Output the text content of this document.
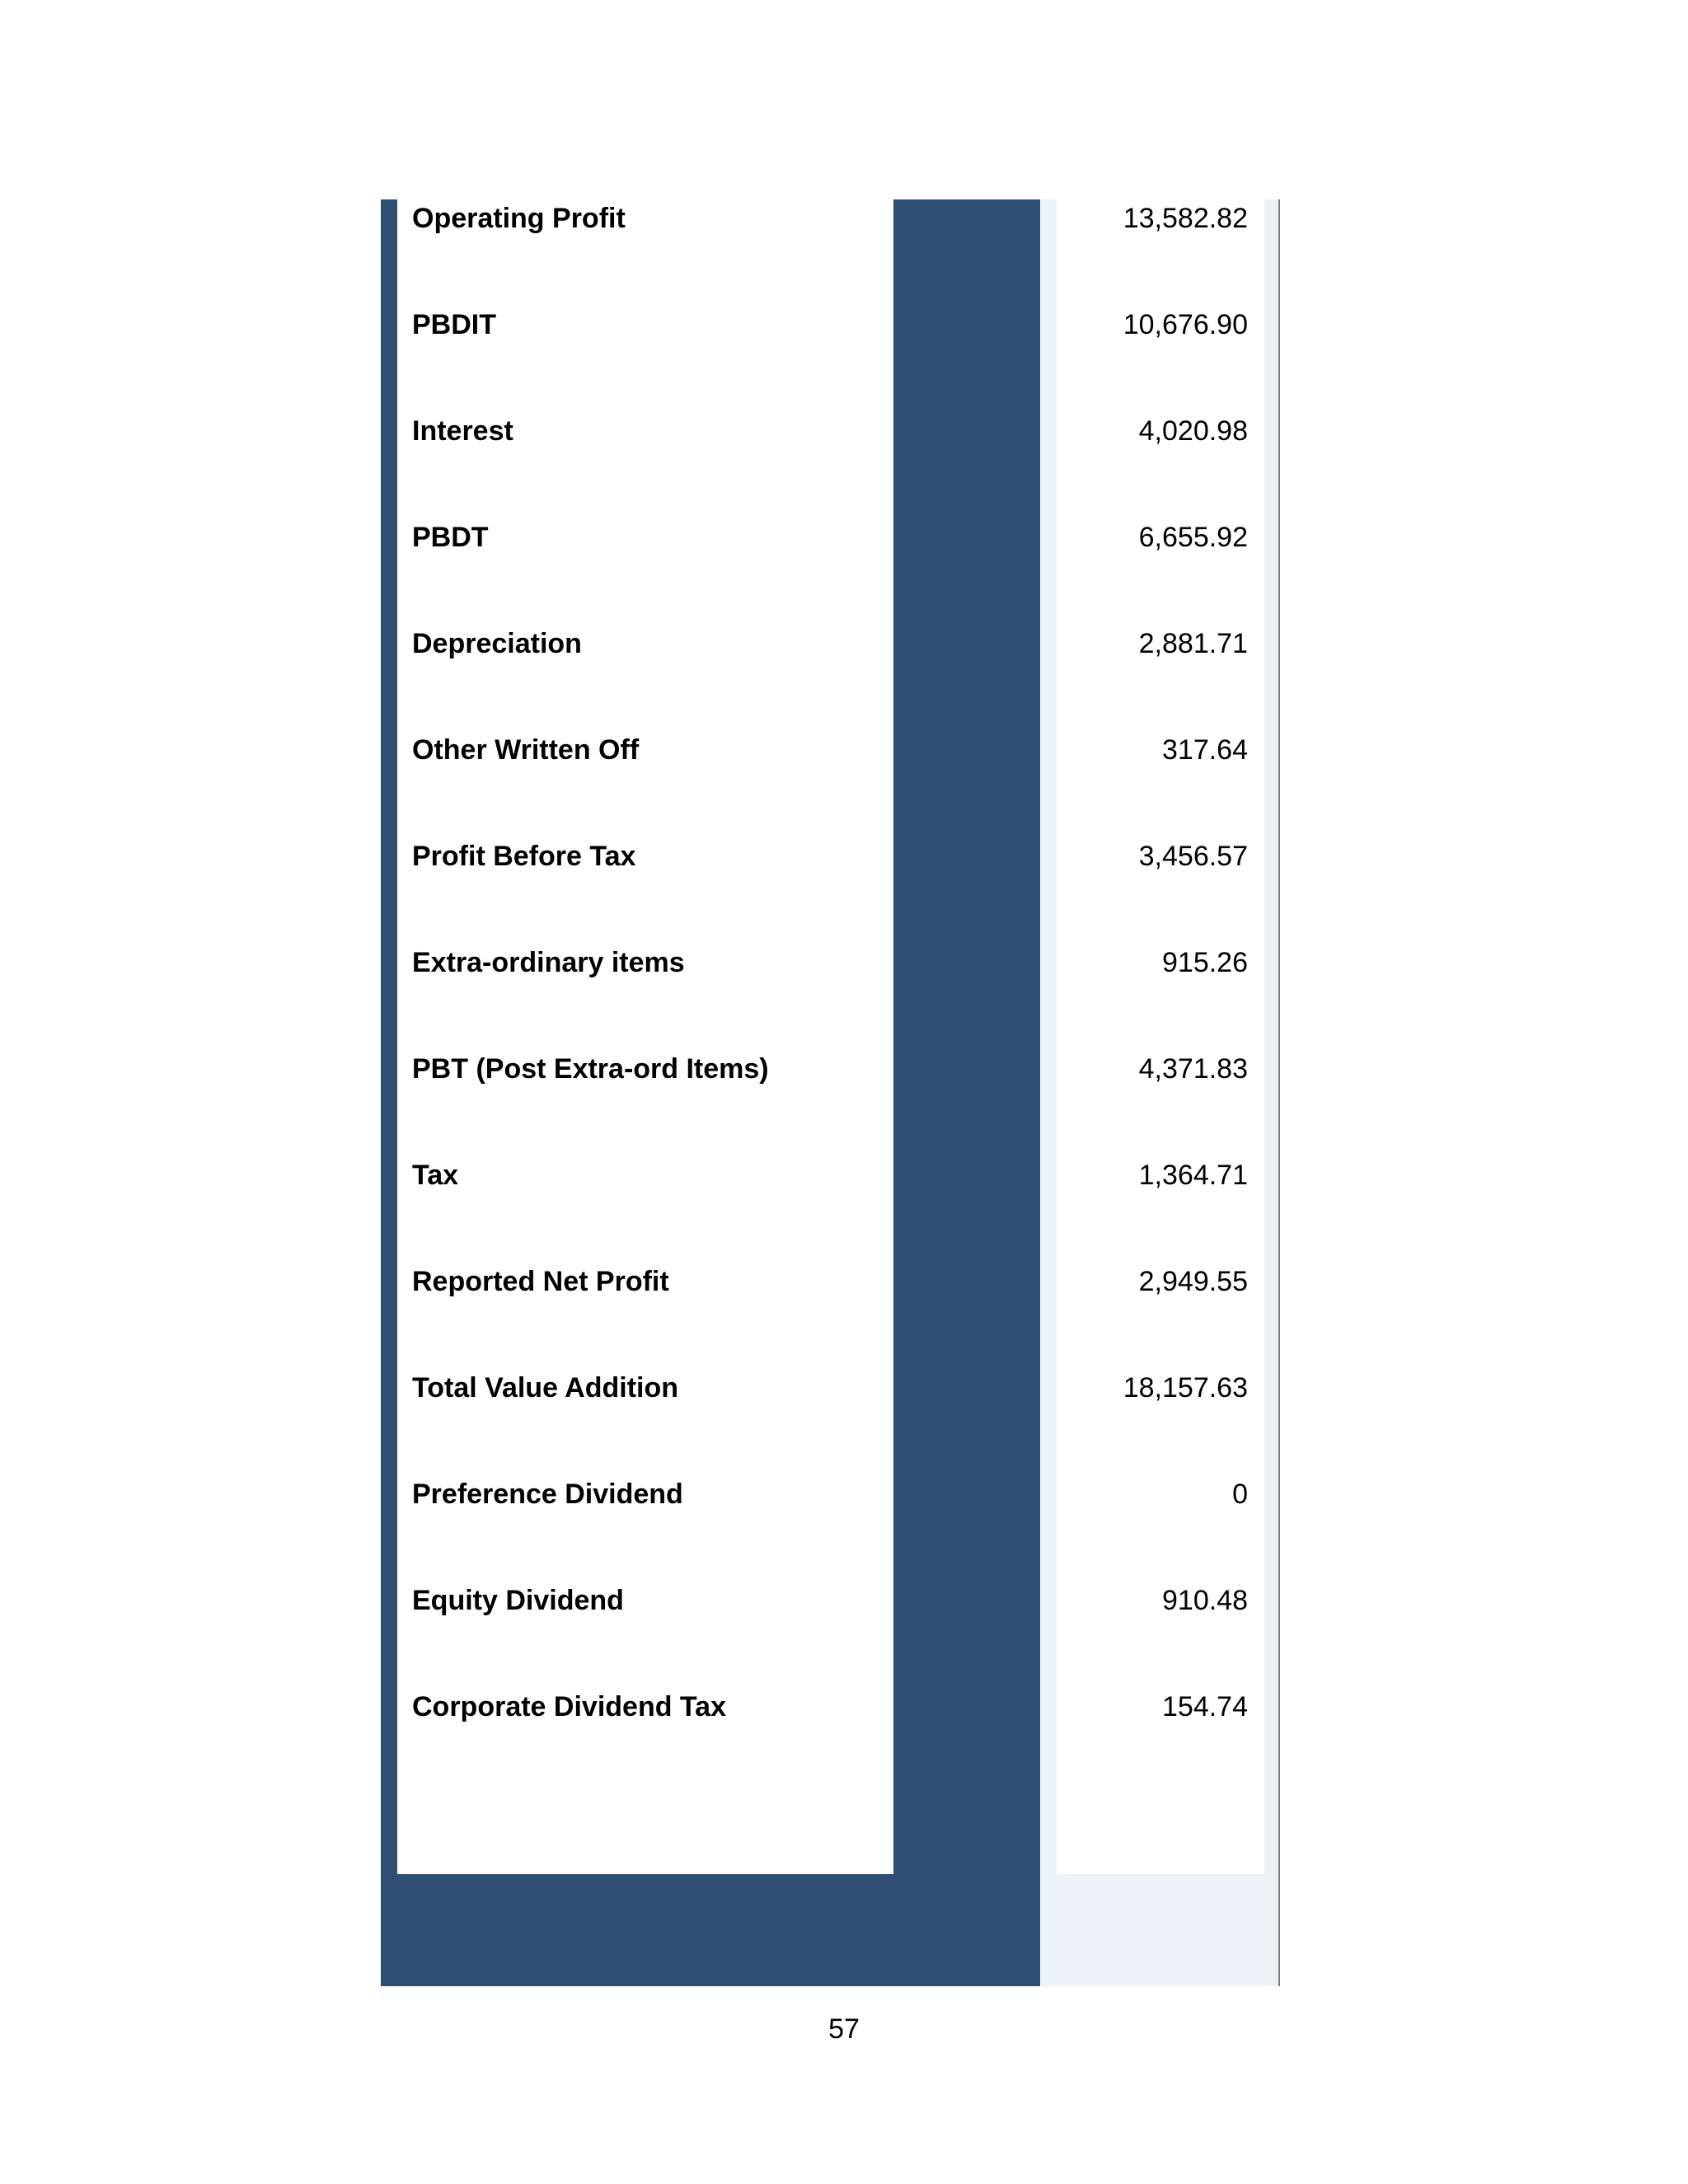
Operating Profit	13,582.82
PBDIT	10,676.90
Interest	4,020.98
PBDT	6,655.92
Depreciation	2,881.71
Other Written Off	317.64
Profit Before Tax	3,456.57
Extra-ordinary items	915.26
PBT (Post Extra-ord Items)	4,371.83
Tax	1,364.71
Reported Net Profit	2,949.55
Total Value Addition	18,157.63
Preference Dividend	0
Equity Dividend	910.48
Corporate Dividend Tax	154.74
57
